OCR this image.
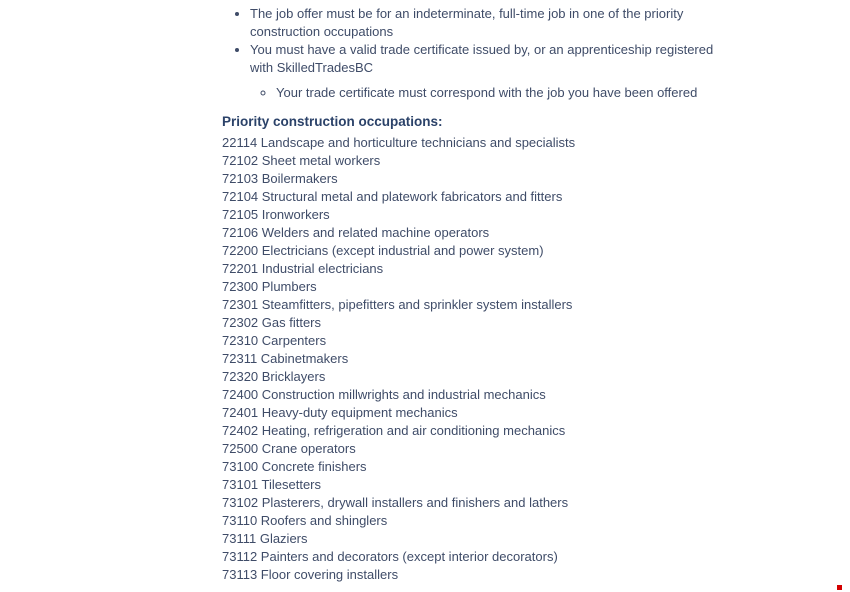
• The job offer must be for an indeterminate, full-time job in one of the priority construction occupations
• You must have a valid trade certificate issued by, or an apprenticeship registered with SkilledTradesBC
◦ Your trade certificate must correspond with the job you have been offered
Priority construction occupations:
22114 Landscape and horticulture technicians and specialists
72102 Sheet metal workers
72103 Boilermakers
72104 Structural metal and platework fabricators and fitters
72105 Ironworkers
72106 Welders and related machine operators
72200 Electricians (except industrial and power system)
72201 Industrial electricians
72300 Plumbers
72301 Steamfitters, pipefitters and sprinkler system installers
72302 Gas fitters
72310 Carpenters
72311 Cabinetmakers
72320 Bricklayers
72400 Construction millwrights and industrial mechanics
72401 Heavy-duty equipment mechanics
72402 Heating, refrigeration and air conditioning mechanics
72500 Crane operators
73100 Concrete finishers
73101 Tilesetters
73102 Plasterers, drywall installers and finishers and lathers
73110 Roofers and shinglers
73111 Glaziers
73112 Painters and decorators (except interior decorators)
73113 Floor covering installers
